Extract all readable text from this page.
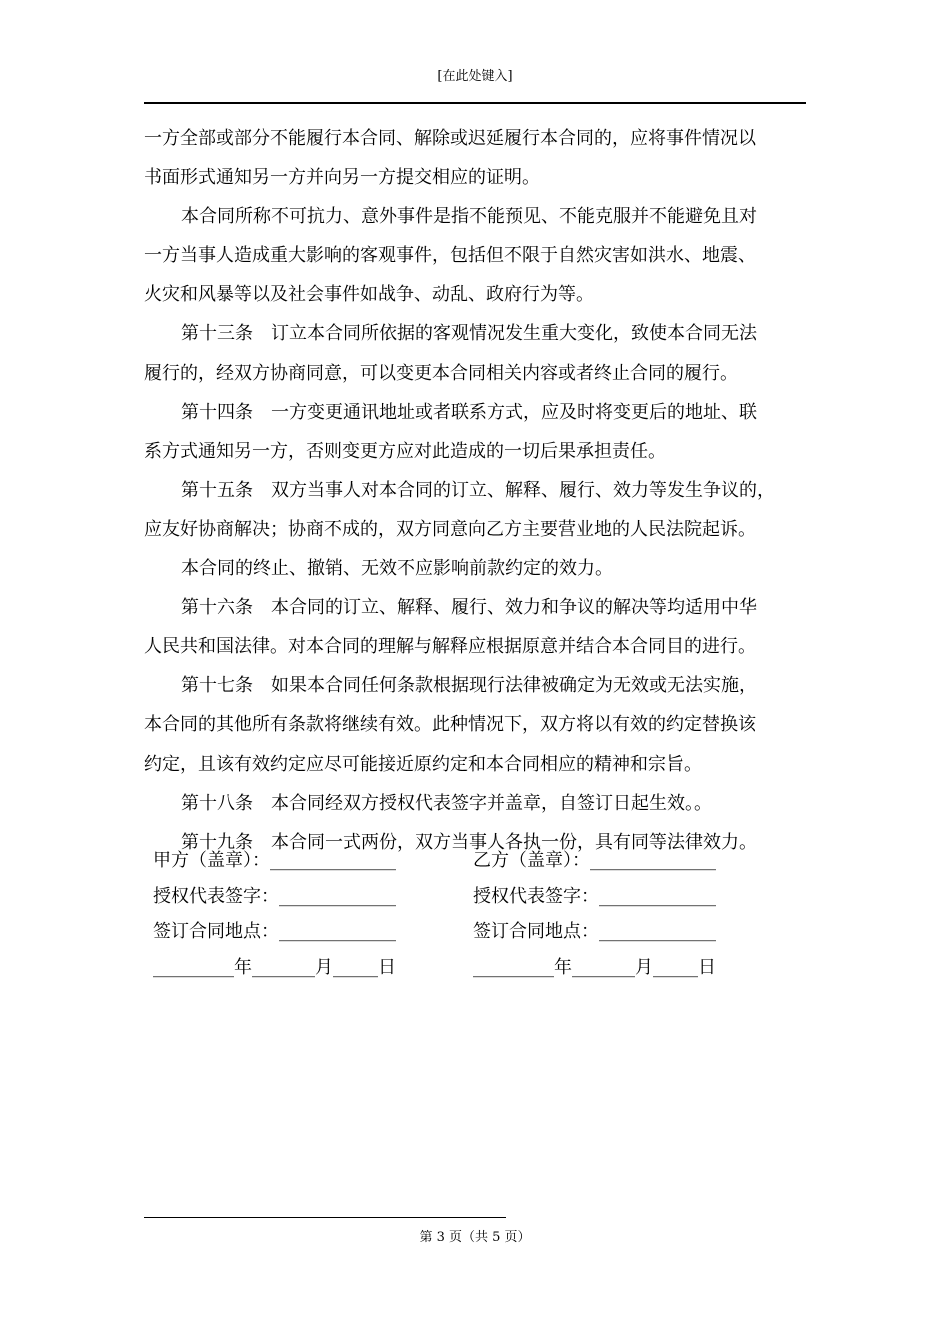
[在此处键入]
一方全部或部分不能履行本合同、解除或迟延履行本合同的，应将事件情况以
书面形式通知另一方并向另一方提交相应的证明。
本合同所称不可抗力、意外事件是指不能预见、不能克服并不能避免且对
一方当事人造成重大影响的客观事件，包括但不限于自然灾害如洪水、地震、
火灾和风暴等以及社会事件如战争、动乱、政府行为等。
第十三条　订立本合同所依据的客观情况发生重大变化，致使本合同无法
履行的，经双方协商同意，可以变更本合同相关内容或者终止合同的履行。
第十四条　一方变更通讯地址或者联系方式，应及时将变更后的地址、联
系方式通知另一方，否则变更方应对此造成的一切后果承担责任。
第十五条　双方当事人对本合同的订立、解释、履行、效力等发生争议的，
应友好协商解决；协商不成的，双方同意向乙方主要营业地的人民法院起诉。
本合同的终止、撤销、无效不应影响前款约定的效力。
第十六条　本合同的订立、解释、履行、效力和争议的解决等均适用中华
人民共和国法律。对本合同的理解与解释应根据原意并结合本合同目的进行。
第十七条　如果本合同任何条款根据现行法律被确定为无效或无法实施，
本合同的其他所有条款将继续有效。此种情况下，双方将以有效的约定替换该
约定，且该有效约定应尽可能接近原约定和本合同相应的精神和宗旨。
第十八条　本合同经双方授权代表签字并盖章，自签订日起生效。。
第十九条　本合同一式两份，双方当事人各执一份，具有同等法律效力。
甲方（盖章）：______________	乙方（盖章）：______________
授权代表签字：_____________	授权代表签字：_____________
签订合同地点：_____________	签订合同地点：_____________
_________年_______月_____日	_________年_______月_____日
第 3 页（共 5 页）
